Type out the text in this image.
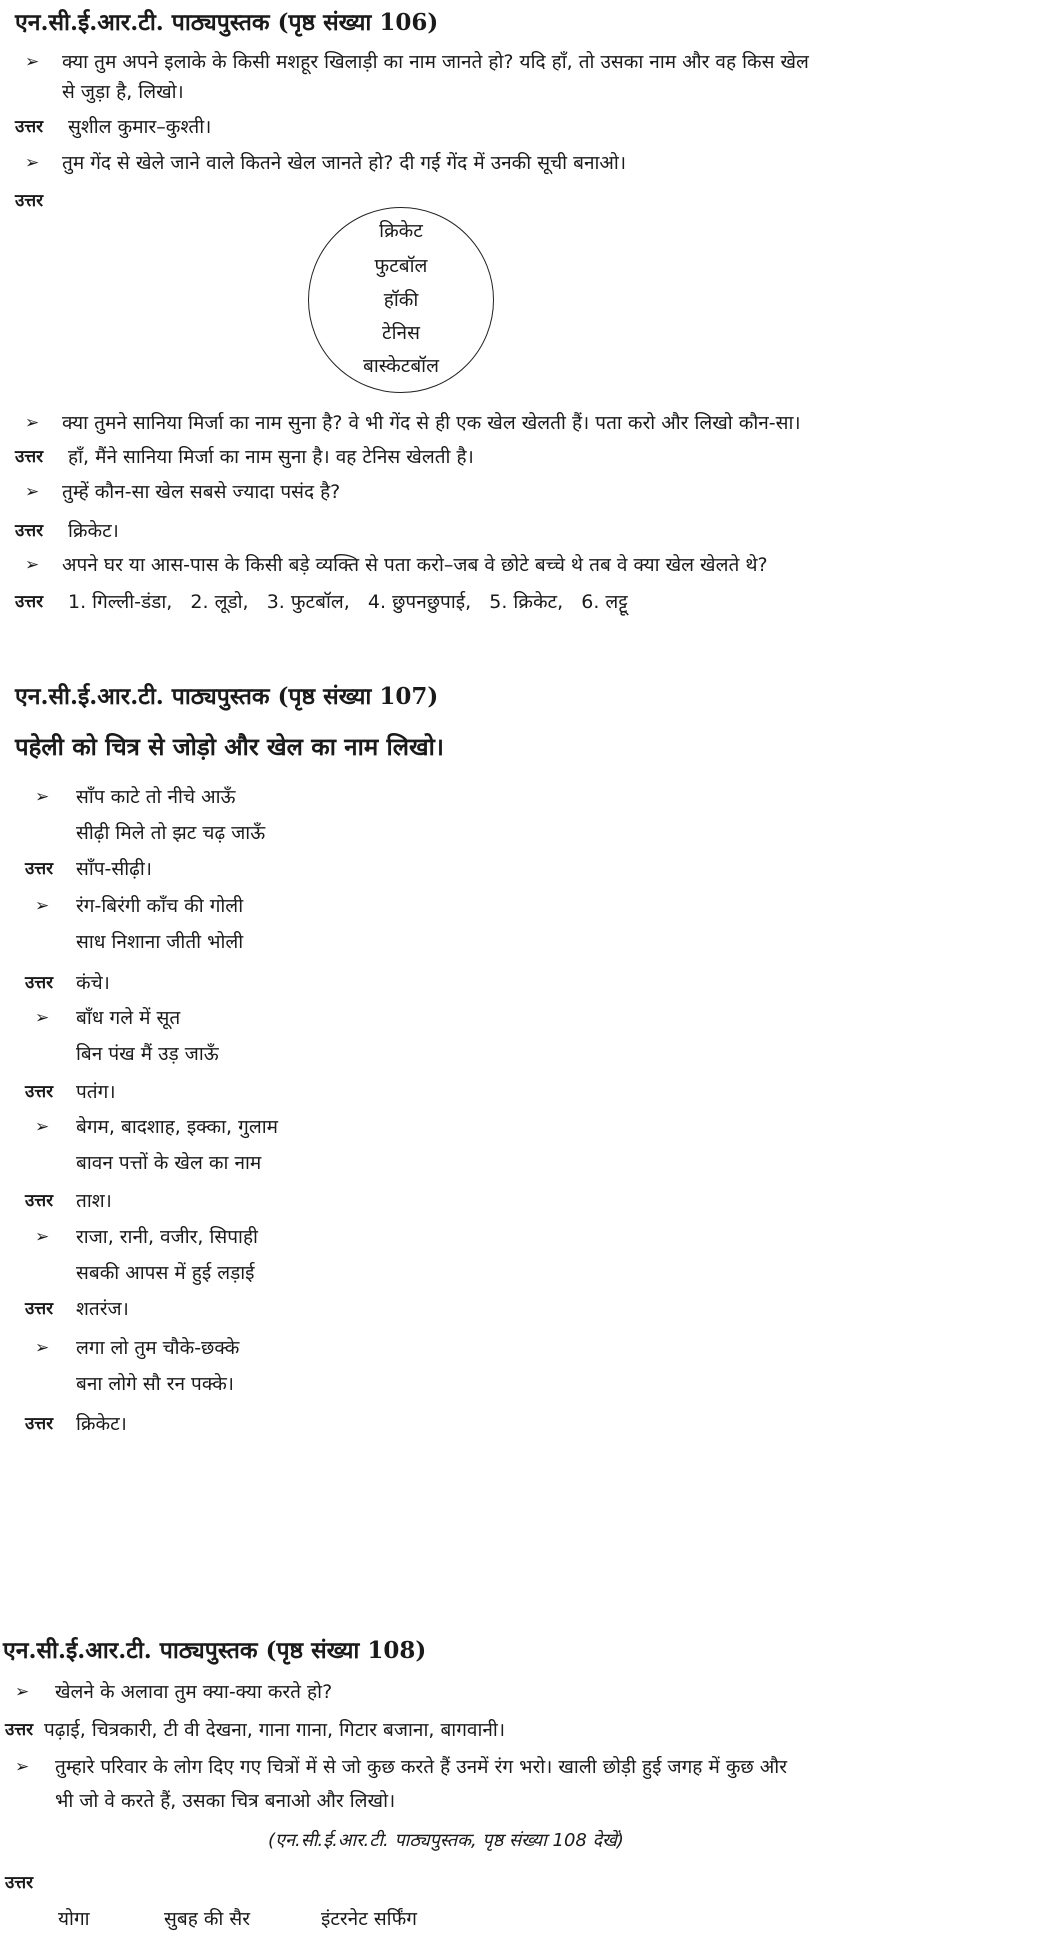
एन.सी.ई.आर.टी. पाठ्यपुस्तक (पृष्ठ संख्या 106)
➢ क्या तुम अपने इलाके के किसी मशहूर खिलाड़ी का नाम जानते हो? यदि हाँ, तो उसका नाम और वह किस खेल
से जुड़ा है, लिखो।
उत्तर सुशील कुमार–कुश्ती।
➢ तुम गेंद से खेले जाने वाले कितने खेल जानते हो? दी गई गेंद में उनकी सूची बनाओ।
उत्तर
क्रिकेट
फुटबॉल
हॉकी
टेनिस
बास्केटबॉल
➢ क्या तुमने सानिया मिर्जा का नाम सुना है? वे भी गेंद से ही एक खेल खेलती हैं। पता करो और लिखो कौन-सा।
उत्तर हाँ, मैंने सानिया मिर्जा का नाम सुना है। वह टेनिस खेलती है।
➢ तुम्हें कौन-सा खेल सबसे ज्यादा पसंद है?
उत्तर क्रिकेट।
➢ अपने घर या आस-पास के किसी बड़े व्यक्ति से पता करो–जब वे छोटे बच्चे थे तब वे क्या खेल खेलते थे?
उत्तर 1. गिल्ली-डंडा,   2. लूडो,   3. फुटबॉल,   4. छुपनछुपाई,   5. क्रिकेट,   6. लट्टू
एन.सी.ई.आर.टी. पाठ्यपुस्तक (पृष्ठ संख्या 107)
पहेली को चित्र से जोड़ो और खेल का नाम लिखो।
➢ साँप काटे तो नीचे आऊँ
सीढ़ी मिले तो झट चढ़ जाऊँ
उत्तर साँप-सीढ़ी।
➢ रंग-बिरंगी काँच की गोली
साध निशाना जीती भोली
उत्तर कंचे।
➢ बाँध गले में सूत
बिन पंख मैं उड़ जाऊँ
उत्तर पतंग।
➢ बेगम, बादशाह, इक्का, गुलाम
बावन पत्तों के खेल का नाम
उत्तर ताश।
➢ राजा, रानी, वजीर, सिपाही
सबकी आपस में हुई लड़ाई
उत्तर शतरंज।
➢ लगा लो तुम चौके-छक्के
बना लोगे सौ रन पक्के।
उत्तर क्रिकेट।
एन.सी.ई.आर.टी. पाठ्यपुस्तक (पृष्ठ संख्या 108)
➢ खेलने के अलावा तुम क्या-क्या करते हो?
उत्तर पढ़ाई, चित्रकारी, टी वी देखना, गाना गाना, गिटार बजाना, बागवानी।
➢ तुम्हारे परिवार के लोग दिए गए चित्रों में से जो कुछ करते हैं उनमें रंग भरो। खाली छोड़ी हुई जगह में कुछ और
भी जो वे करते हैं, उसका चित्र बनाओ और लिखो।
(एन.सी.ई.आर.टी. पाठ्यपुस्तक, पृष्ठ संख्या 108 देखें)
उत्तर
योगा	सुबह की सैर	इंटरनेट सर्फिंग
